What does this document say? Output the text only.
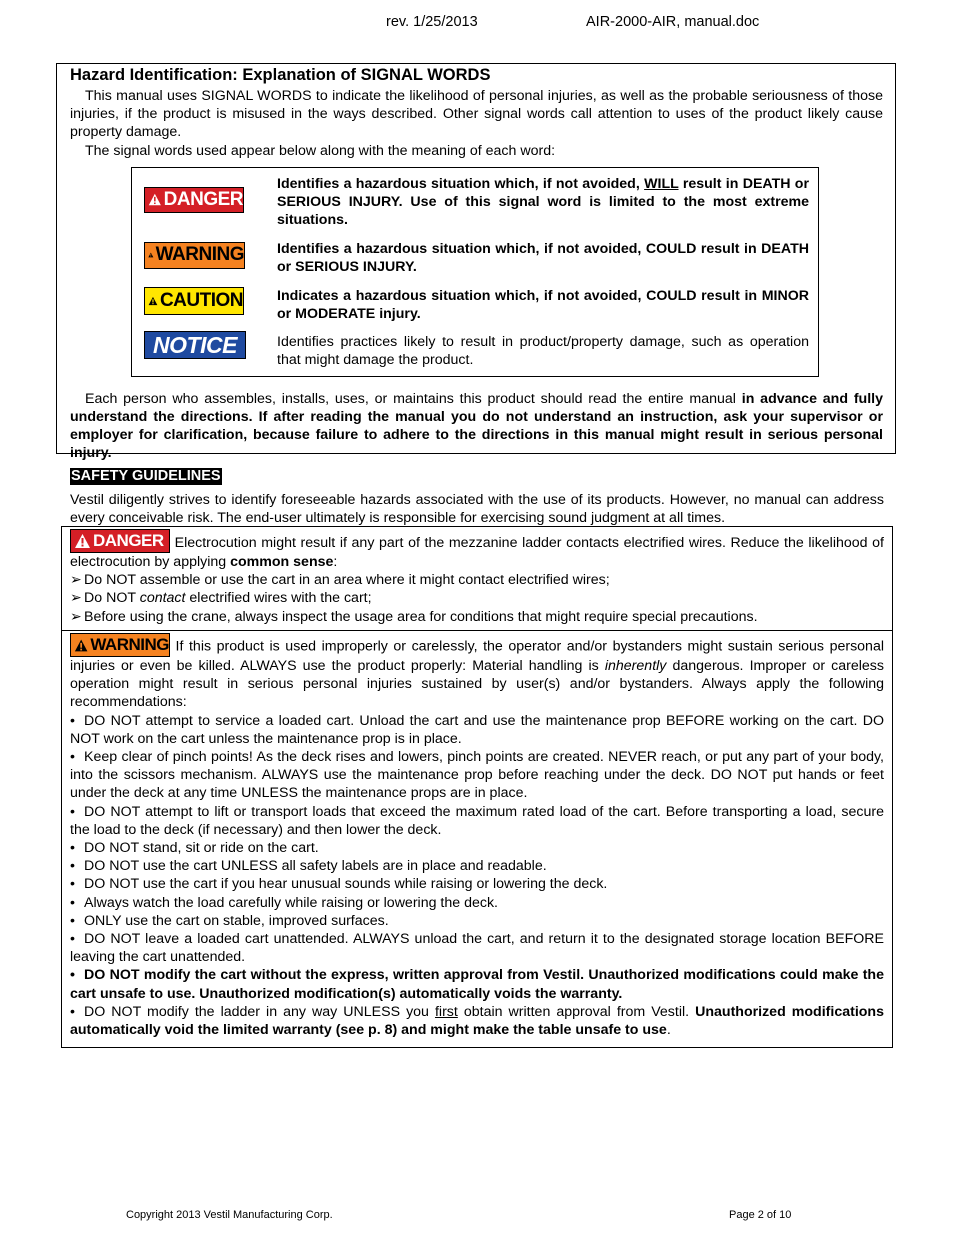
rev. 1/25/2013	AIR-2000-AIR, manual.doc
Hazard Identification: Explanation of SIGNAL WORDS

This manual uses SIGNAL WORDS to indicate the likelihood of personal injuries, as well as the probable seriousness of those injuries, if the product is misused in the ways described. Other signal words call attention to uses of the product likely cause property damage.

The signal words used appear below along with the meaning of each word:

DANGER
Identifies a hazardous situation which, if not avoided, WILL result in DEATH or SERIOUS INJURY. Use of this signal word is limited to the most extreme situations.
WARNING Identifies a hazardous situation which, if not avoided, COULD result in DEATH or SERIOUS INJURY.
CAUTION Indicates a hazardous situation which, if not avoided, COULD result in MINOR or MODERATE injury.
NOTICE	Identifies practices likely to result in product/property damage, such as operation that might damage the product.

Each person who assembles, installs, uses, or maintains this product should read the entire manual in advance and fully understand the directions. If after reading the manual you do not understand an instruction, ask your supervisor or employer for clarification, because failure to adhere to the directions in this manual might result in serious personal injury.

SAFETY GUIDELINES
Vestil diligently strives to identify foreseeable hazards associated with the use of its products. However, no manual can address every conceivable risk. The end-user ultimately is responsible for exercising sound judgment at all times.

DANGER Electrocution might result if any part of the mezzanine ladder contacts electrified wires. Reduce the likelihood of electrocution by applying common sense:

➢ Do NOT assemble or use the cart in an area where it might contact electrified wires;

➢ Do NOT contact electrified wires with the cart;

➢ Before using the crane, always inspect the usage area for conditions that might require special precautions.

WARNING If this product is used improperly or carelessly, the operator and/or bystanders might sustain serious personal injuries or even be killed. ALWAYS use the product properly: Material handling is inherently dangerous. Improper or careless operation might result in serious personal injuries sustained by user(s) and/or bystanders. Always apply the following recommendations:

• DO NOT attempt to service a loaded cart. Unload the cart and use the maintenance prop BEFORE working on the cart. DO NOT work on the cart unless the maintenance prop is in place.

• Keep clear of pinch points! As the deck rises and lowers, pinch points are created. NEVER reach, or put any part of your body, into the scissors mechanism. ALWAYS use the maintenance prop before reaching under the deck. DO NOT put hands or feet under the deck at any time UNLESS the maintenance props are in place.

• DO NOT attempt to lift or transport loads that exceed the maximum rated load of the cart. Before transporting a load, secure the load to the deck (if necessary) and then lower the deck.

• DO NOT stand, sit or ride on the cart.

• DO NOT use the cart UNLESS all safety labels are in place and readable.

• DO NOT use the cart if you hear unusual sounds while raising or lowering the deck.

• Always watch the load carefully while raising or lowering the deck.

• ONLY use the cart on stable, improved surfaces.

• DO NOT leave a loaded cart unattended. ALWAYS unload the cart, and return it to the designated storage location BEFORE leaving the cart unattended.

• DO NOT modify the cart without the express, written approval from Vestil. Unauthorized modifications could make the cart unsafe to use. Unauthorized modification(s) automatically voids the warranty.

• DO NOT modify the ladder in any way UNLESS you first obtain written approval from Vestil. Unauthorized modifications automatically void the limited warranty (see p. 8) and might make the table unsafe to use.

Copyright 2013 Vestil Manufacturing Corp.	Page 2 of 10
